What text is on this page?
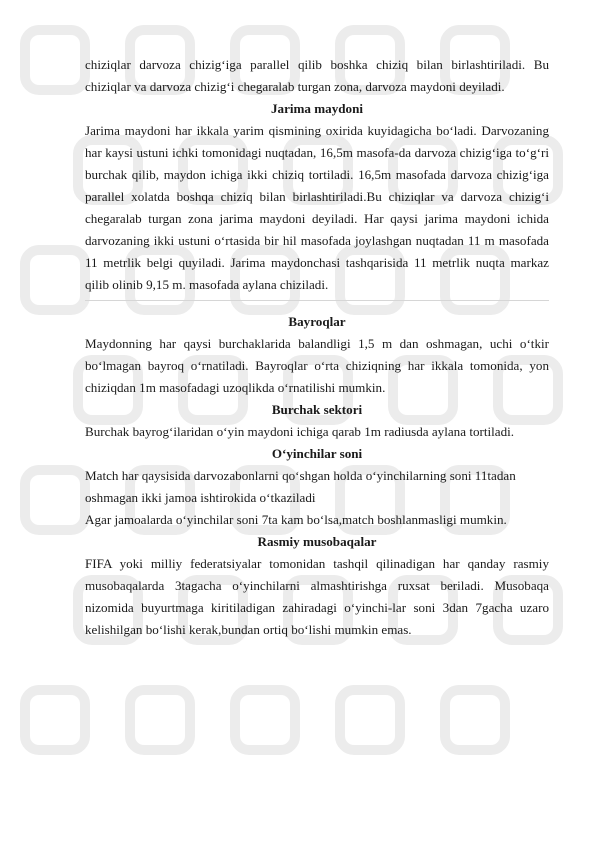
chiziqlar darvoza chizig‘iga parallel qilib boshka chiziq bilan birlashtiriladi. Bu chiziqlar va darvoza chizig‘i chegaralab turgan zona, darvoza maydoni deyiladi.

Jarima maydoni

Jarima maydoni har ikkala yarim qismining oxirida kuyidagicha bo‘ladi. Darvozaning har kaysi ustuni ichki tomonidagi nuqtadan, 16,5m masofa-da darvoza chizig‘iga to‘g‘ri burchak qilib, maydon ichiga ikki chiziq tortiladi. 16,5m masofada darvoza chizig‘iga parallel xolatda boshqa chiziq bilan birlashtiriladi.Bu chiziqlar va darvoza chizig‘i chegaralab turgan zona jarima maydoni deyiladi. Har qaysi jarima maydoni ichida darvozaning ikki ustuni o‘rtasida bir hil masofada joylashgan nuqtadan 11 m masofada 11 metrlik belgi quyiladi. Jarima maydonchasi tashqarisida 11 metrlik nuqta markaz qilib olinib 9,15 m. masofada aylana chiziladi.

Bayroqlar

Maydonning har qaysi burchaklarida balandligi 1,5 m dan oshmagan, uchi o‘tkir bo‘lmagan bayroq o‘rnatiladi. Bayroqlar o‘rta chiziqning har ikkala tomonida, yon chiziqdan 1m masofadagi uzoqlikda o‘rnatilishi mumkin.

Burchak sektori

Burchak bayrog‘ilaridan o‘yin maydoni ichiga qarab 1m radiusda aylana tortiladi.

O‘yinchilar soni

Match har qaysisida darvozabonlarni qo‘shgan holda o‘yinchilarning soni 11tadan oshmagan ikki jamoa ishtirokida o‘tkaziladi

Agar jamoalarda o‘yinchilar soni 7ta kam bo‘lsa,match boshlanmasligi mumkin.

Rasmiy musobaqalar

FIFA yoki milliy federatsiyalar tomonidan tashqil qilinadigan har qanday rasmiy musobaqalarda 3tagacha o‘yinchilarni almashtirishga ruxsat beriladi. Musobaqa nizomida buyurtmaga kiritiladigan zahiradagi o‘yinchi-lar soni 3dan 7gacha uzaro kelishilgan bo‘lishi kerak,bundan ortiq bo‘lishi mumkin emas.
